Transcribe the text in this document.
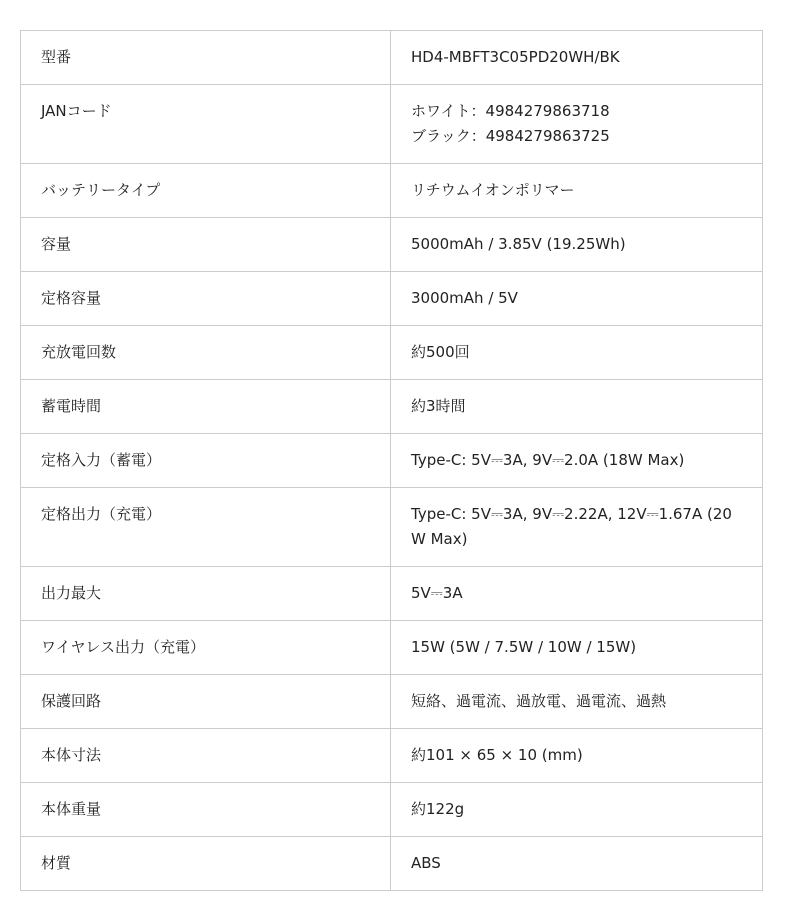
型番	HD4-MBFT3C05PD20WH/BK
JANコード	ホワイト：4984279863718
ブラック：4984279863725

バッテリータイプ	リチウムイオンポリマー
容量	5000mAh / 3.85V (19.25Wh)
定格容量	3000mAh / 5V
充放電回数	約500回
蓄電時間	約3時間
定格入力（蓄電）	Type-C: 5V⎓3A, 9V⎓2.0A (18W Max)
定格出力（充電）	Type-C: 5V⎓3A, 9V⎓2.22A, 12V⎓1.67A (20W Max)
出力最大	5V⎓3A
ワイヤレス出力（充電）	15W (5W / 7.5W / 10W / 15W)
保護回路	短絡、過電流、過放電、過電流、過熱
本体寸法	約101 × 65 × 10 (mm)
本体重量	約122g
材質	ABS
